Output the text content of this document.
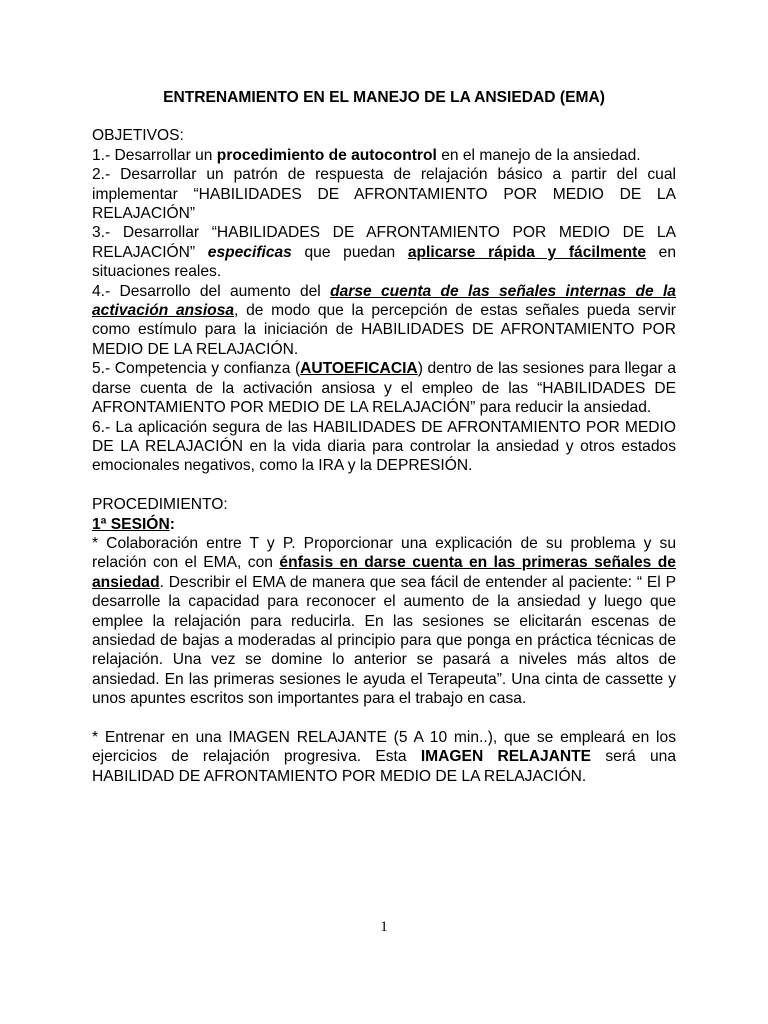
ENTRENAMIENTO EN EL MANEJO DE LA ANSIEDAD (EMA)

OBJETIVOS:

1.- Desarrollar un procedimiento de autocontrol en el manejo de la ansiedad.

2.- Desarrollar un patrón de respuesta de relajación básico a partir del cual implementar “HABILIDADES DE AFRONTAMIENTO POR MEDIO DE LA RELAJACIÓN”

3.- Desarrollar “HABILIDADES DE AFRONTAMIENTO POR MEDIO DE LA RELAJACIÓN” especificas que puedan aplicarse rápida y fácilmente en situaciones reales.

4.- Desarrollo del aumento del darse cuenta de las señales internas de la activación ansiosa, de modo que la percepción de estas señales pueda servir como estímulo para la iniciación de HABILIDADES DE AFRONTAMIENTO POR MEDIO DE LA RELAJACIÓN.

5.- Competencia y confianza (AUTOEFICACIA) dentro de las sesiones para llegar a darse cuenta de la activación ansiosa y el empleo de las “HABILIDADES DE AFRONTAMIENTO POR MEDIO DE LA RELAJACIÓN” para reducir la ansiedad.

6.- La aplicación segura de las HABILIDADES DE AFRONTAMIENTO POR MEDIO DE LA RELAJACIÓN en la vida diaria para controlar la ansiedad y otros estados emocionales negativos, como la IRA y la DEPRESIÓN.

PROCEDIMIENTO:

1ª SESIÓN:

* Colaboración entre T y P. Proporcionar una explicación de su problema y su relación con el EMA, con énfasis en darse cuenta en las primeras señales de ansiedad. Describir el EMA de manera que sea fácil de entender al paciente: “ El P desarrolle la capacidad para reconocer el aumento de la ansiedad y luego que emplee la relajación para reducirla. En las sesiones se elicitarán escenas de ansiedad de bajas a moderadas al principio para que ponga en práctica técnicas de relajación. Una vez se domine lo anterior se pasará a niveles más altos de ansiedad. En las primeras sesiones le ayuda el Terapeuta”. Una cinta de cassette y unos apuntes escritos son importantes para el trabajo en casa.

* Entrenar en una IMAGEN RELAJANTE (5 A 10 min..), que se empleará en los ejercicios de relajación progresiva. Esta IMAGEN RELAJANTE será una HABILIDAD DE AFRONTAMIENTO POR MEDIO DE LA RELAJACIÓN.

1
